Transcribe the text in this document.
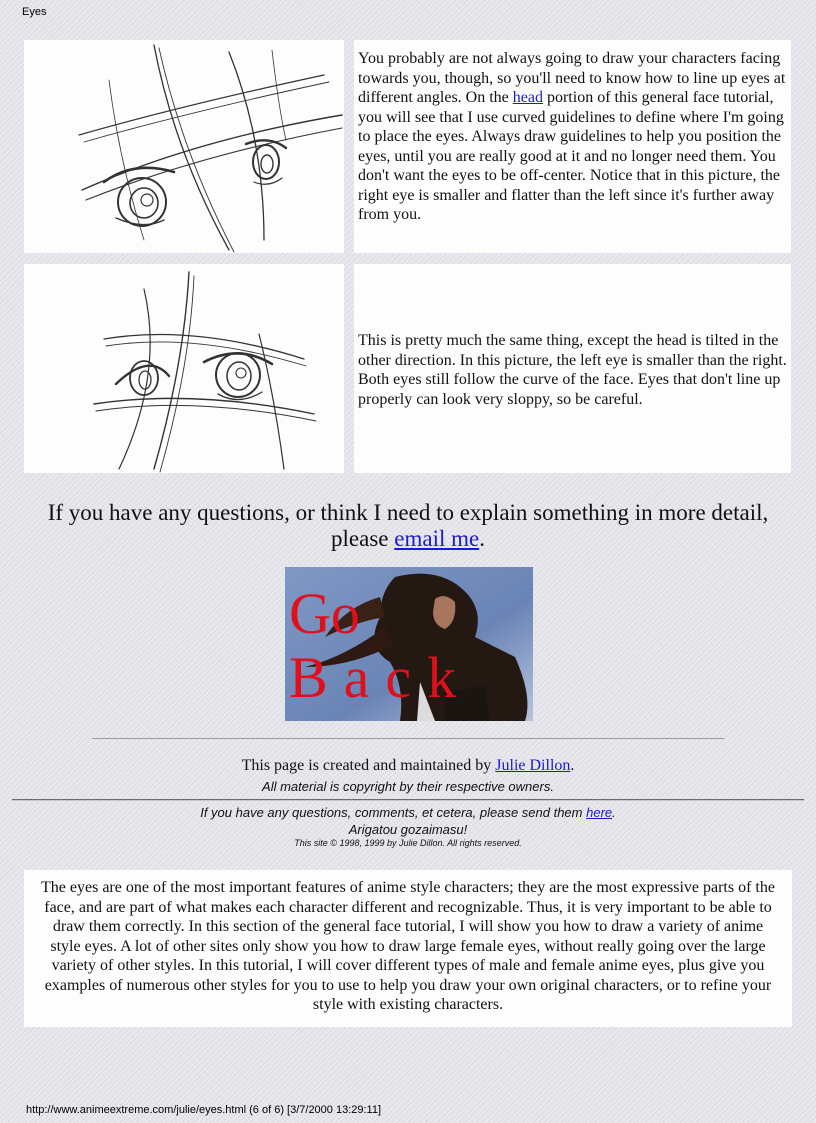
Eyes

You probably are not always going to draw your characters facing towards you, though, so you'll need to know how to line up eyes at different angles. On the head portion of this general face tutorial, you will see that I use curved guidelines to define where I'm going to place the eyes. Always draw guidelines to help you position the eyes, until you are really good at it and no longer need them. You don't want the eyes to be off-center. Notice that in this picture, the right eye is smaller and flatter than the left since it's further away from you.

This is pretty much the same thing, except the head is tilted in the other direction. In this picture, the left eye is smaller than the right. Both eyes still follow the curve of the face. Eyes that don't line up properly can look very sloppy, so be careful.

If you have any questions, or think I need to explain something in more detail, please email me.

Go
Back

This page is created and maintained by Julie Dillon.

All material is copyright by their respective owners.

If you have any questions, comments, et cetera, please send them here.

Arigatou gozaimasu!

This site © 1998, 1999 by Julie Dillon. All rights reserved.

The eyes are one of the most important features of anime style characters; they are the most expressive parts of the face, and are part of what makes each character different and recognizable. Thus, it is very important to be able to draw them correctly. In this section of the general face tutorial, I will show you how to draw a variety of anime style eyes. A lot of other sites only show you how to draw large female eyes, without really going over the large variety of other styles. In this tutorial, I will cover different types of male and female anime eyes, plus give you examples of numerous other styles for you to use to help you draw your own original characters, or to refine your style with existing characters.

http://www.animeextreme.com/julie/eyes.html (6 of 6) [3/7/2000 13:29:11]
